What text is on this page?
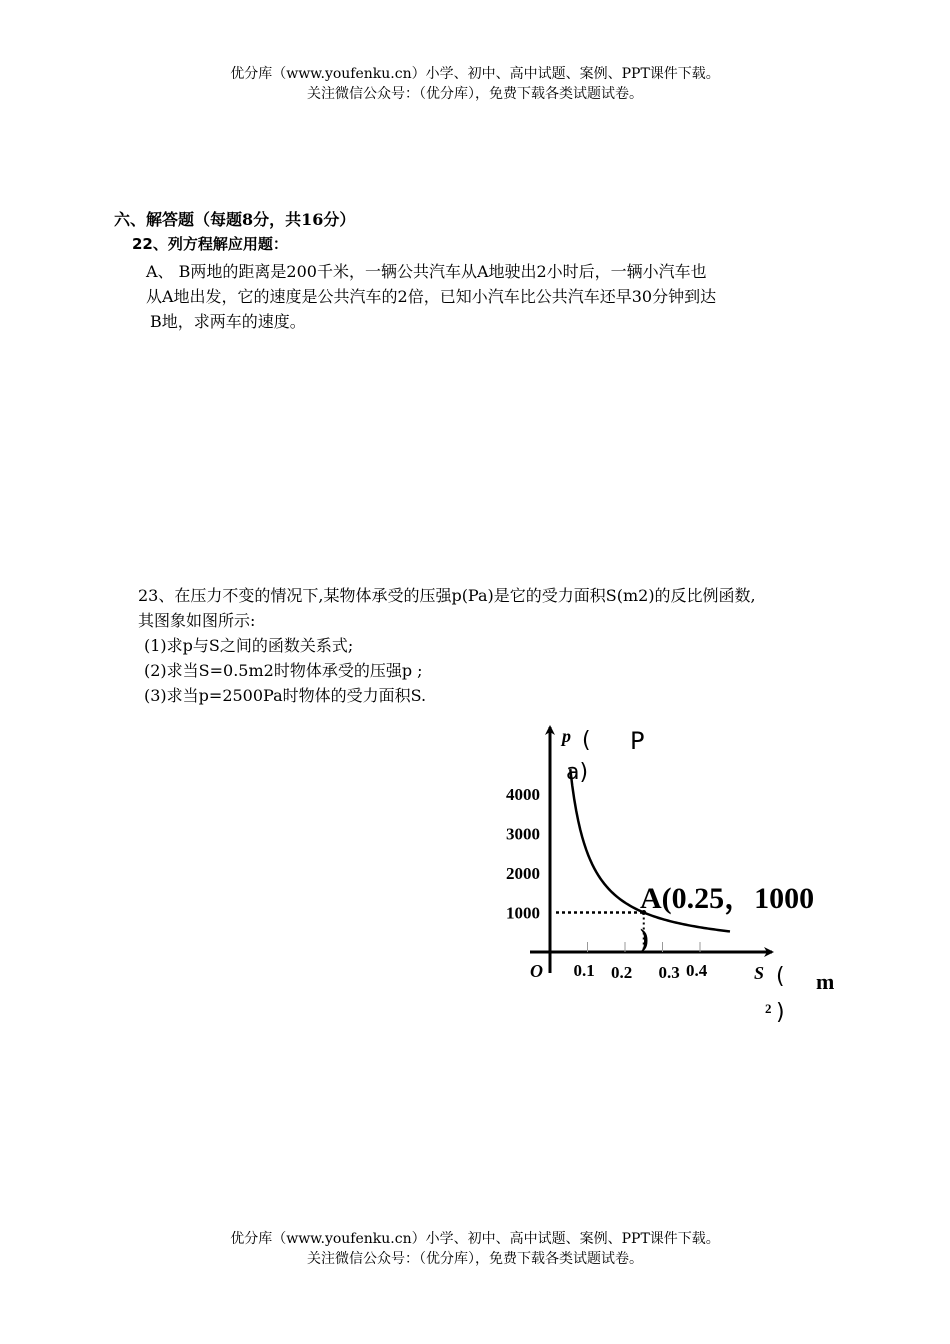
优分库（www.youfenku.cn）小学、初中、高中试题、案例、PPT课件下载。
关注微信公众号：（优分库），免费下载各类试题试卷。
六、解答题（每题8分，共16分）
22、列方程解应用题：
A、 B两地的距离是200千米，一辆公共汽车从A地驶出2小时后，一辆小汽车也
从A地出发，它的速度是公共汽车的2倍，已知小汽车比公共汽车还早30分钟到达
B地，求两车的速度。
23、在压力不变的情况下,某物体承受的压强p(Pa)是它的受力面积S(m2)的反比例函数,
其图象如图所示:
(1)求p与S之间的函数关系式;
(2)求当S=0.5m2时物体承受的压强p ;
(3)求当p=2500Pa时物体的受力面积S.
0.1 0.2 0.3 0.4
1000
2000
3000
4000
O
p ( P
a)
S ( m
2 )
A(0.25，1000
)
优分库（www.youfenku.cn）小学、初中、高中试题、案例、PPT课件下载。
关注微信公众号：（优分库），免费下载各类试题试卷。
